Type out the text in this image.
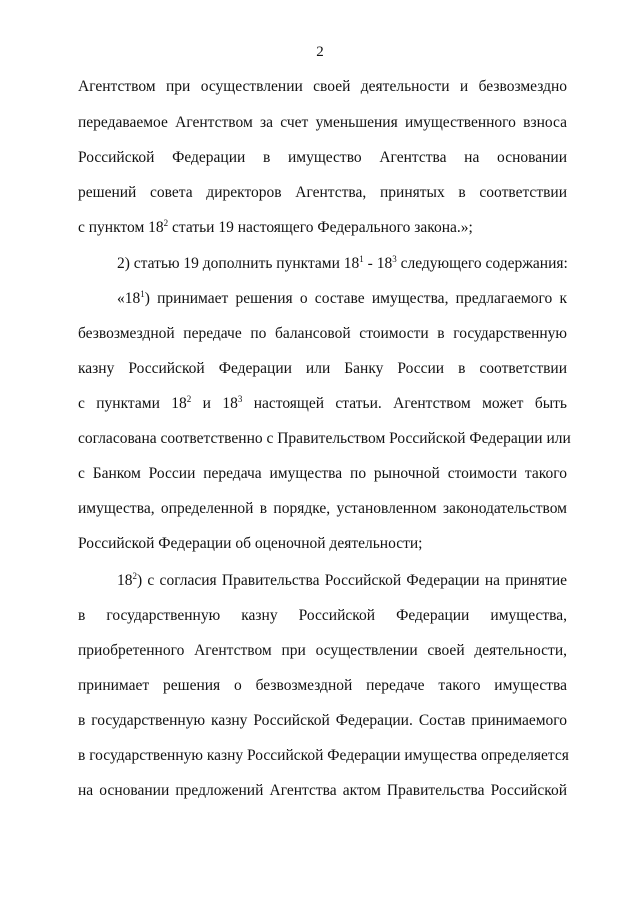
2
Агентством при осуществлении своей деятельности и безвозмездно
передаваемое Агентством за счет уменьшения имущественного взноса
Российской Федерации в имущество Агентства на основании
решений совета директоров Агентства, принятых в соответствии
с пунктом $18^2$ статьи 19 настоящего Федерального закона.»;
2) статью 19 дополнить пунктами $18^1 - 18^3$ следующего содержания:
«$18^1$) принимает решения о составе имущества, предлагаемого к
безвозмездной передаче по балансовой стоимости в государственную
казну Российской Федерации или Банку России в соответствии
с пунктами $18^2$ и $18^3$ настоящей статьи. Агентством может быть
согласована соответственно с Правительством Российской Федерации или
с Банком России передача имущества по рыночной стоимости такого
имущества, определенной в порядке, установленном законодательством
Российской Федерации об оценочной деятельности;
$18^2$) с согласия Правительства Российской Федерации на принятие
в государственную казну Российской Федерации имущества,
приобретенного Агентством при осуществлении своей деятельности,
принимает решения о безвозмездной передаче такого имущества
в государственную казну Российской Федерации. Состав принимаемого
в государственную казну Российской Федерации имущества определяется
на основании предложений Агентства актом Правительства Российской
